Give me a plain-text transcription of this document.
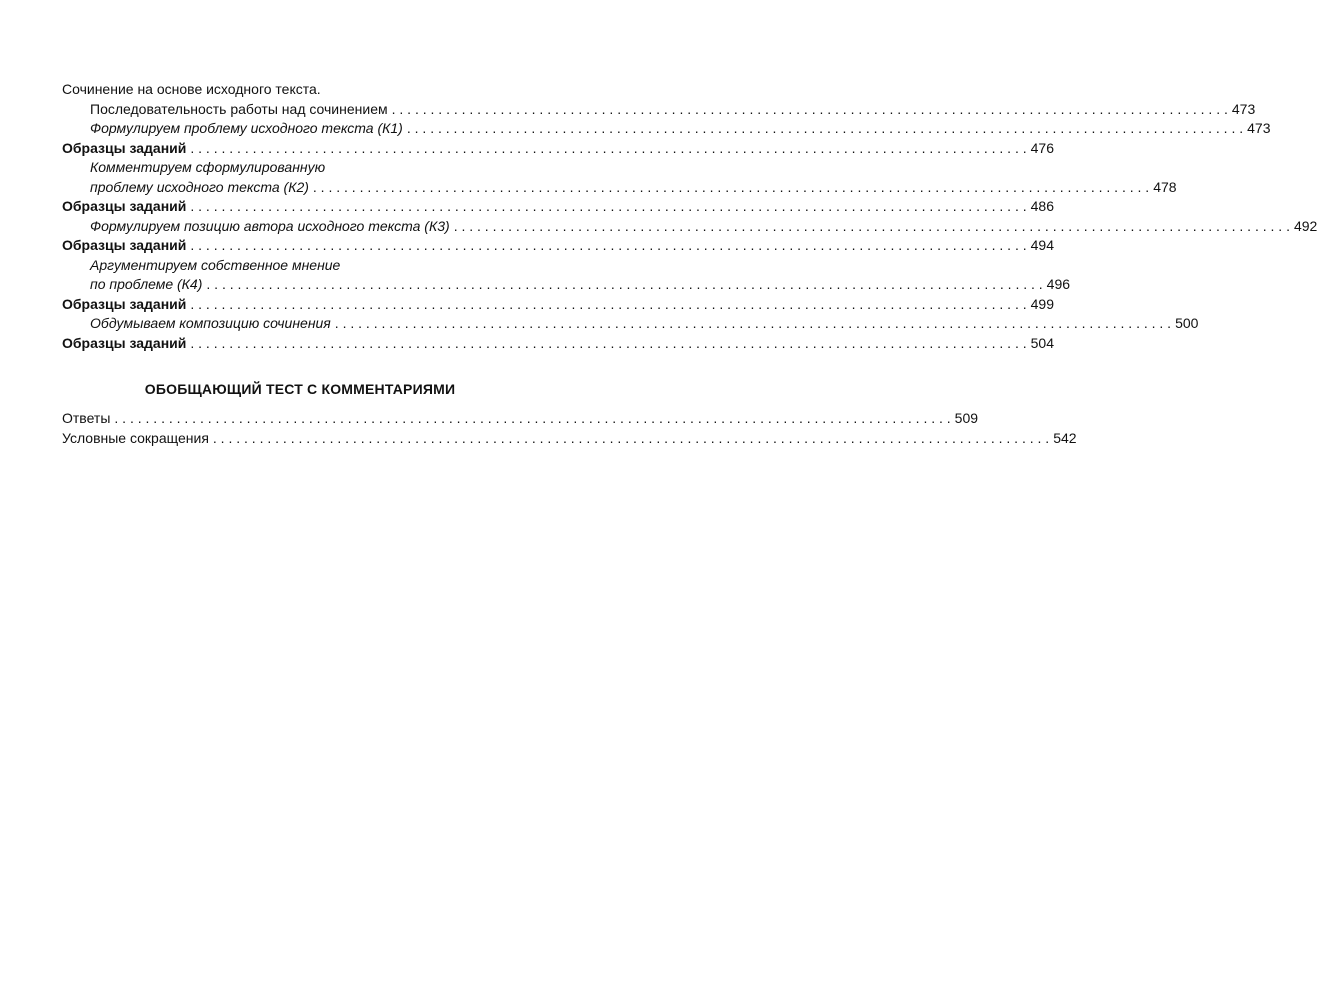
Сочинение на основе исходного текста.
Последовательность работы над сочинением . . .	473
Формулируем проблему исходного текста (К1) . . .	473
Образцы заданий . . .	476
Комментируем сформулированную
проблему исходного текста (К2) . . .	478
Образцы заданий . . .	486
Формулируем позицию автора исходного текста (К3) . . .	492
Образцы заданий . . .	494
Аргументируем собственное мнение
по проблеме (К4) . . .	496
Образцы заданий . . .	499
Обдумываем композицию сочинения . . .	500
Образцы заданий . . .	504
ОБОБЩАЮЩИЙ ТЕСТ С КОММЕНТАРИЯМИ
Ответы . . .	509
Условные сокращения . . .	542
